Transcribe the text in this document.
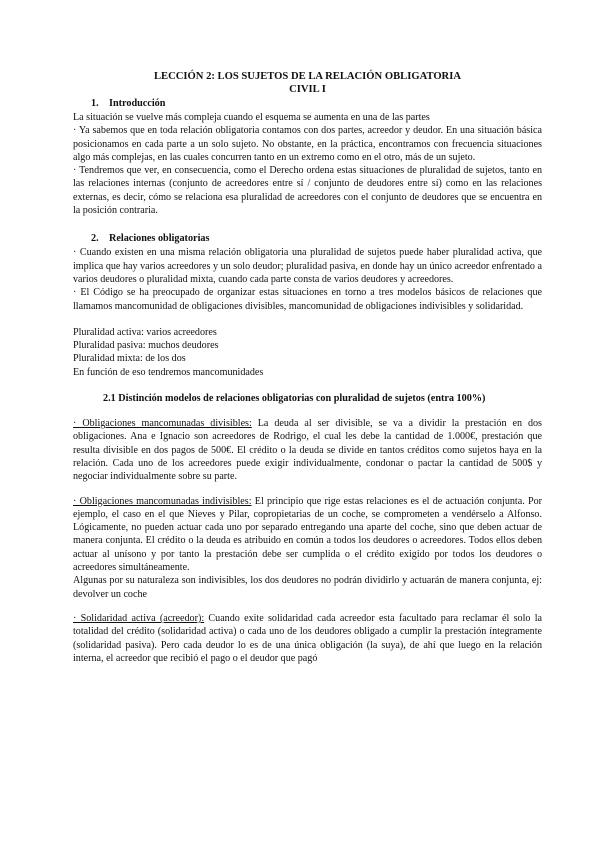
LECCIÓN 2: LOS SUJETOS DE LA RELACIÓN OBLIGATORIA
CIVIL I
1. Introducción

La situación se vuelve más compleja cuando el esquema se aumenta en una de las partes

· Ya sabemos que en toda relación obligatoria contamos con dos partes, acreedor y deudor. En una situación básica posicionamos en cada parte a un solo sujeto. No obstante, en la práctica, encontramos con frecuencia situaciones algo más complejas, en las cuales concurren tanto en un extremo como en el otro, más de un sujeto.

· Tendremos que ver, en consecuencia, como el Derecho ordena estas situaciones de pluralidad de sujetos, tanto en las relaciones internas (conjunto de acreedores entre sí / conjunto de deudores entre sí) como en las relaciones externas, es decir, cómo se relaciona esa pluralidad de acreedores con el conjunto de deudores que se encuentra en la posición contraria.

2. Relaciones obligatorias

· Cuando existen en una misma relación obligatoria una pluralidad de sujetos puede haber pluralidad activa, que implica que hay varios acreedores y un solo deudor; pluralidad pasiva, en donde hay un único acreedor enfrentado a varios deudores o pluralidad mixta, cuando cada parte consta de varios deudores y acreedores.

· El Código se ha preocupado de organizar estas situaciones en torno a tres modelos básicos de relaciones que llamamos mancomunidad de obligaciones divisibles, mancomunidad de obligaciones indivisibles y solidaridad.

Pluralidad activa: varios acreedores

Pluralidad pasiva: muchos deudores

Pluralidad mixta: de los dos

En función de eso tendremos mancomunidades

2.1 Distinción modelos de relaciones obligatorias con pluralidad de sujetos (entra 100%)

· Obligaciones mancomunadas divisibles: La deuda al ser divisible, se va a dividir la prestación en dos obligaciones. Ana e Ignacio son acreedores de Rodrigo, el cual les debe la cantidad de 1.000€, prestación que resulta divisible en dos pagos de 500€. El crédito o la deuda se divide en tantos créditos como sujetos haya en la relación. Cada uno de los acreedores puede exigir individualmente, condonar o pactar la cantidad de 500$ y negociar individualmente sobre su parte.

· Obligaciones mancomunadas indivisibles: El principio que rige estas relaciones es el de actuación conjunta. Por ejemplo, el caso en el que Nieves y Pilar, copropietarias de un coche, se comprometen a vendérselo a Alfonso. Lógicamente, no pueden actuar cada uno por separado entregando una aparte del coche, sino que deben actuar de manera conjunta. El crédito o la deuda es atribuido en común a todos los deudores o acreedores. Todos ellos deben actuar al unísono y por tanto la prestación debe ser cumplida o el crédito exigido por todos los deudores o acreedores simultáneamente.

Algunas por su naturaleza son indivisibles, los dos deudores no podrán dividirlo y actuarán de manera conjunta, ej: devolver un coche

· Solidaridad activa (acreedor): Cuando exite solidaridad cada acreedor esta facultado para reclamar él solo la totalidad del crédito (solidaridad activa) o cada uno de los deudores obligado a cumplir la prestación íntegramente (solidaridad pasiva). Pero cada deudor lo es de una única obligación (la suya), de ahí que luego en la relación interna, el acreedor que recibió el pago o el deudor que pagó
